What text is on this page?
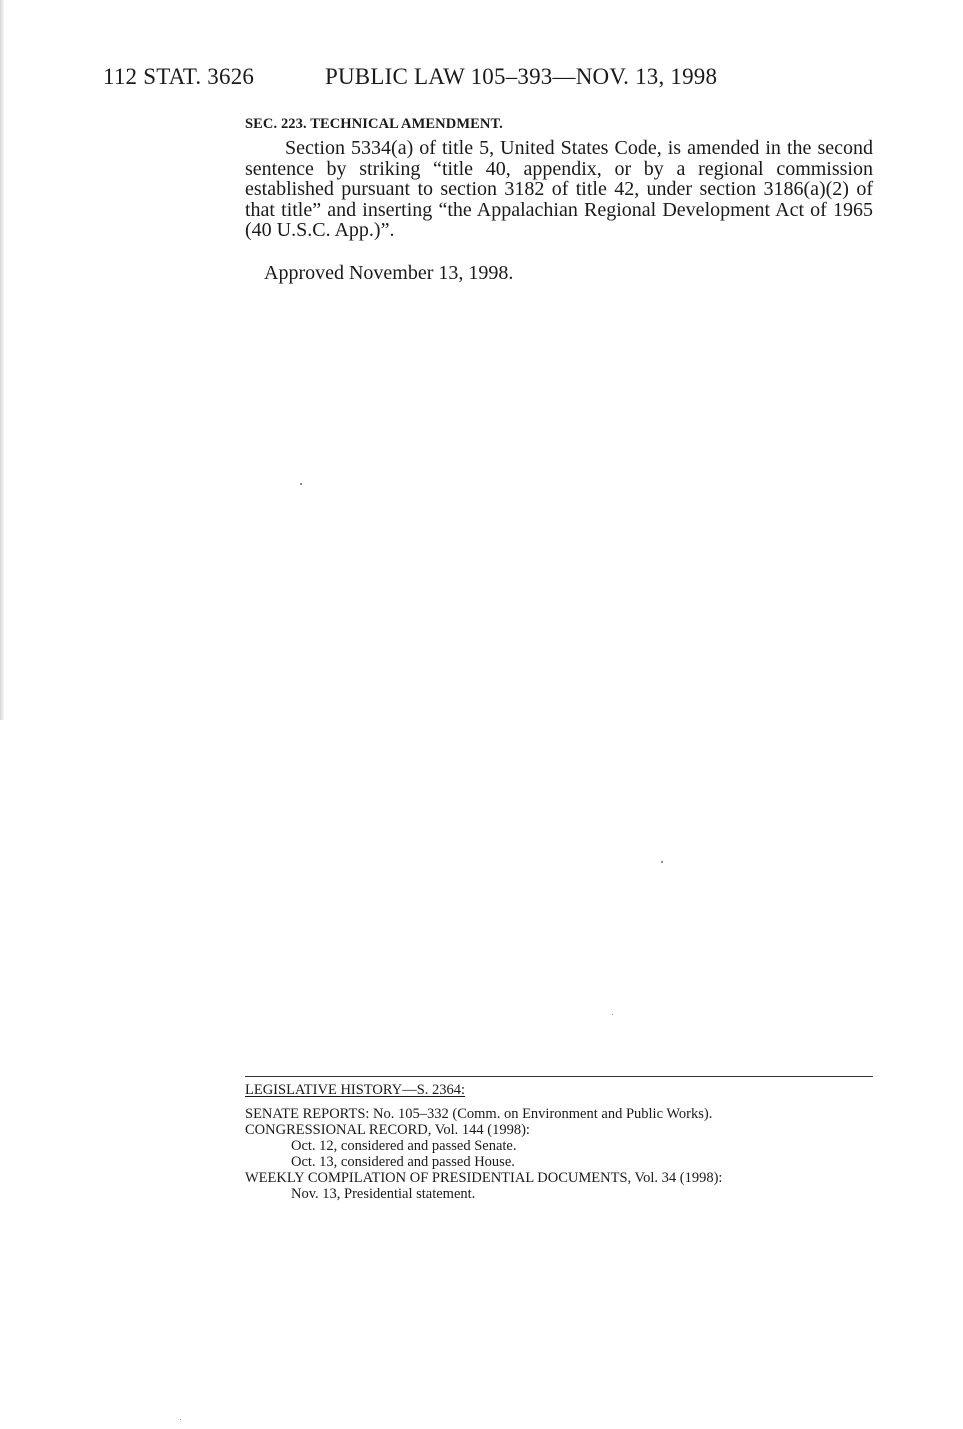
112 STAT. 3626	PUBLIC LAW 105–393—NOV. 13, 1998
SEC. 223. TECHNICAL AMENDMENT.
Section 5334(a) of title 5, United States Code, is amended in the second sentence by striking “title 40, appendix, or by a regional commission established pursuant to section 3182 of title 42, under section 3186(a)(2) of that title” and inserting “the Appalachian Regional Development Act of 1965 (40 U.S.C. App.)”.
Approved November 13, 1998.
LEGISLATIVE HISTORY—S. 2364:
SENATE REPORTS: No. 105–332 (Comm. on Environment and Public Works).
CONGRESSIONAL RECORD, Vol. 144 (1998):
Oct. 12, considered and passed Senate.
Oct. 13, considered and passed House.
WEEKLY COMPILATION OF PRESIDENTIAL DOCUMENTS, Vol. 34 (1998):
Nov. 13, Presidential statement.
